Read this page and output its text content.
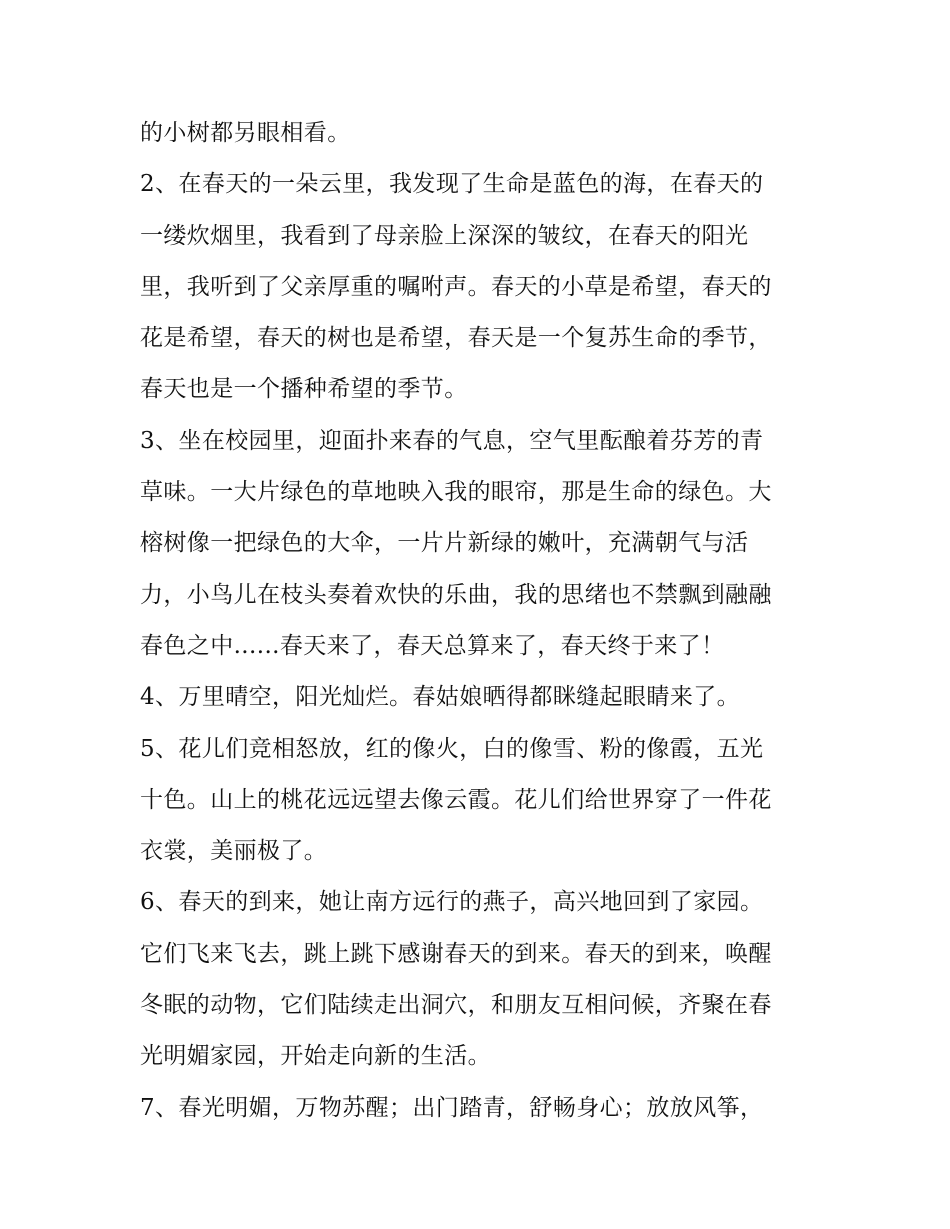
的小树都另眼相看。
2、在春天的一朵云里，我发现了生命是蓝色的海，在春天的
一缕炊烟里，我看到了母亲脸上深深的皱纹，在春天的阳光
里，我听到了父亲厚重的嘱咐声。春天的小草是希望，春天的
花是希望，春天的树也是希望，春天是一个复苏生命的季节，
春天也是一个播种希望的季节。
3、坐在校园里，迎面扑来春的气息，空气里酝酿着芬芳的青
草味。一大片绿色的草地映入我的眼帘，那是生命的绿色。大
榕树像一把绿色的大伞，一片片新绿的嫩叶，充满朝气与活
力，小鸟儿在枝头奏着欢快的乐曲，我的思绪也不禁飘到融融
春色之中......春天来了，春天总算来了，春天终于来了！
4、万里晴空，阳光灿烂。春姑娘晒得都眯缝起眼睛来了。
5、花儿们竞相怒放，红的像火，白的像雪、粉的像霞，五光
十色。山上的桃花远远望去像云霞。花儿们给世界穿了一件花
衣裳，美丽极了。
6、春天的到来，她让南方远行的燕子，高兴地回到了家园。
它们飞来飞去，跳上跳下感谢春天的到来。春天的到来，唤醒
冬眠的动物，它们陆续走出洞穴，和朋友互相问候，齐聚在春
光明媚家园，开始走向新的生活。
7、春光明媚，万物苏醒；出门踏青，舒畅身心；放放风筝，
